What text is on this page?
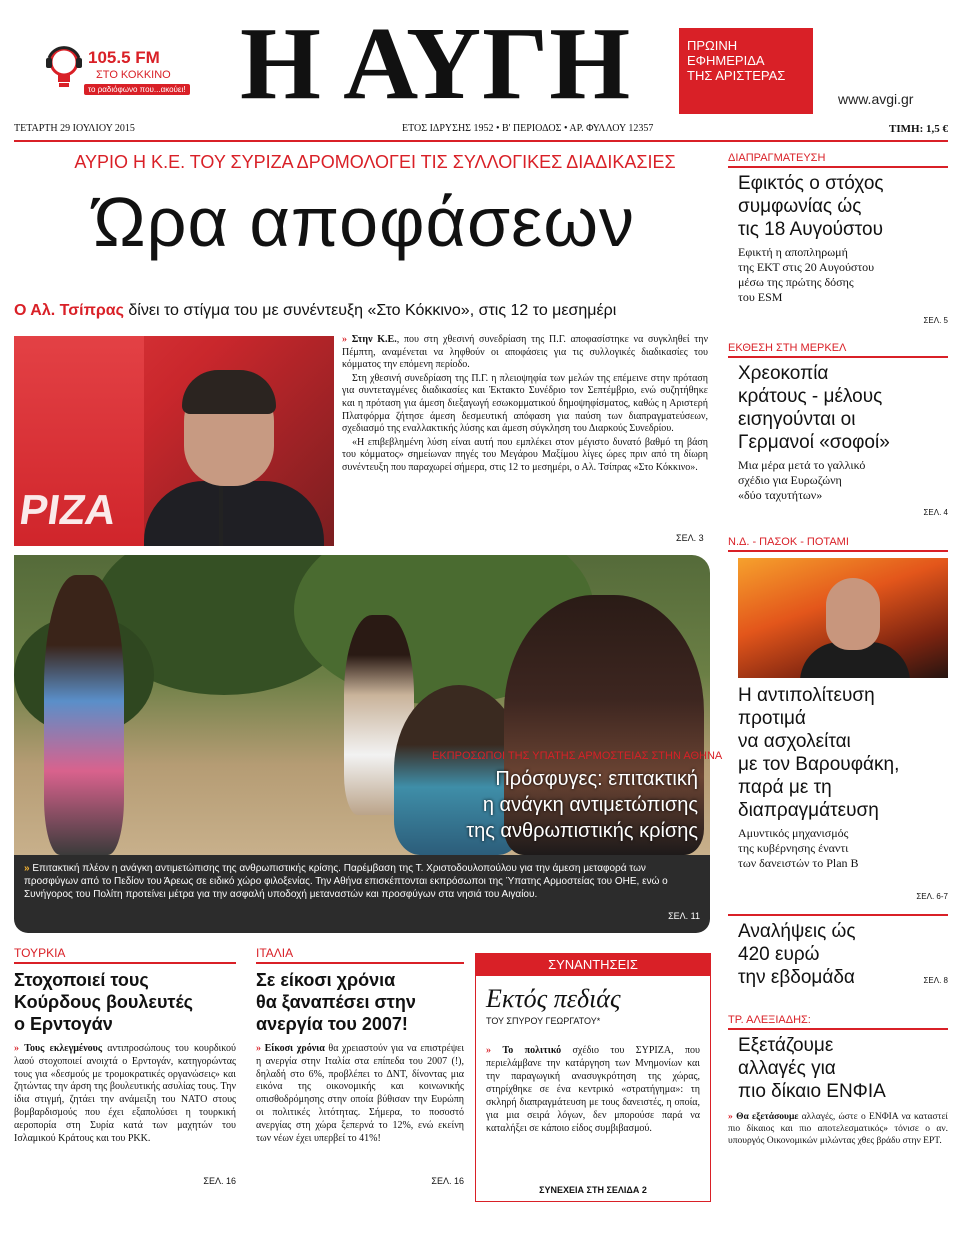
105.5 FM
ΣΤΟ ΚΟΚΚΙΝΟ
το ραδιόφωνο που...ακούει! Η ΑΥΓΗ	ΠΡΩΙΝΗ
ΕΦΗΜΕΡΙΔΑ
ΤΗΣ ΑΡΙΣΤΕΡΑΣ
www.avgi.gr
ΤΕΤΑΡΤΗ 29 ΙΟΥΛΙΟΥ 2015	ΕΤΟΣ ΙΔΡΥΣΗΣ 1952 • Β' ΠΕΡΙΟΔΟΣ • ΑΡ. ΦΥΛΛΟΥ 12357	ΤΙΜΗ: 1,5 €
ΑΥΡΙΟ Η Κ.Ε. ΤΟΥ ΣΥΡΙΖΑ ΔΡΟΜΟΛΟΓΕΙ ΤΙΣ ΣΥΛΛΟΓΙΚΕΣ ΔΙΑΔΙΚΑΣΙΕΣ
Ώρα αποφάσεων
Ο Αλ. Τσίπρας δίνει το στίγμα του με συνέντευξη «Στο Κόκκινο», στις 12 το μεσημέρι
ΡΙΖΑ

» Στην Κ.Ε., που στη χθεσινή συνεδρίαση της Π.Γ. αποφασίστηκε να συγκληθεί την Πέμπτη, αναμένεται να ληφθούν οι αποφάσεις για τις συλλογικές διαδικασίες του κόμματος την επόμενη περίοδο.

Στη χθεσινή συνεδρίαση της Π.Γ. η πλειοψηφία των μελών της επέμεινε στην πρόταση για συντεταγμένες διαδικασίες και Έκτακτο Συνέδριο τον Σεπτέμβριο, ενώ συζητήθηκε και η πρόταση για άμεση διεξαγωγή εσωκομματικού δημοψηφίσματος, καθώς η Αριστερή Πλατφόρμα ζήτησε άμεση δεσμευτική απόφαση για παύση των διαπραγματεύσεων, σχεδιασμό της εναλλακτικής λύσης και άμεση σύγκληση του Διαρκούς Συνεδρίου.

«Η επιβεβλημένη λύση είναι αυτή που εμπλέκει στον μέγιστο δυνατό βαθμό τη βάση του κόμματος» σημείωναν πηγές του Μεγάρου Μαξίμου λίγες ώρες πριν από τη δίωρη συνέντευξη που παραχωρεί σήμερα, στις 12 το μεσημέρι, ο Αλ. Τσίπρας «Στο Κόκκινο».

ΣΕΛ. 3
ΕΚΠΡΟΣΩΠΟΙ ΤΗΣ ΥΠΑΤΗΣ ΑΡΜΟΣΤΕΙΑΣ ΣΤΗΝ ΑΘΗΝΑ
Πρόσφυγες: επιτακτική
η ανάγκη αντιμετώπισης
της ανθρωπιστικής κρίσης
» Επιτακτική πλέον η ανάγκη αντιμετώπισης της ανθρωπιστικής κρίσης. Παρέμβαση της Τ. Χριστοδουλοπούλου για την άμεση μεταφορά των προσφύγων από το Πεδίον του Άρεως σε ειδικό χώρο φιλοξενίας. Την Αθήνα επισκέπτονται εκπρόσωποι της Ύπατης Αρμοστείας του ΟΗΕ, ενώ ο Συνήγορος του Πολίτη προτείνει μέτρα για την ασφαλή υποδοχή μεταναστών και προσφύγων στα νησιά του Αιγαίου.
ΣΕΛ. 11
ΤΟΥΡΚΙΑ
Στοχοποιεί τους
Κούρδους βουλευτές
ο Ερντογάν
» Τους εκλεγμένους αντιπροσώπους του κουρδικού λαού στοχοποιεί ανοιχτά ο Ερντογάν, κατηγορώντας τους για «δεσμούς με τρομοκρατικές οργανώσεις» και ζητώντας την άρση της βουλευτικής ασυλίας τους. Την ίδια στιγμή, ζητάει την ανάμειξη του ΝΑΤΟ στους βομβαρδισμούς που έχει εξαπολύσει η τουρκική αεροπορία στη Συρία κατά των μαχητών του Ισλαμικού Κράτους και του ΡΚΚ.
ΣΕΛ. 16
ΙΤΑΛΙΑ
Σε είκοσι χρόνια
θα ξαναπέσει στην
ανεργία του 2007!
» Είκοσι χρόνια θα χρειαστούν για να επιστρέψει η ανεργία στην Ιταλία στα επίπεδα του 2007 (!), δηλαδή στο 6%, προβλέπει το ΔΝΤ, δίνοντας μια εικόνα της οικονομικής και κοινωνικής οπισθοδρόμησης στην οποία βύθισαν την Ευρώπη οι πολιτικές λιτότητας. Σήμερα, το ποσοστό ανεργίας στη χώρα ξεπερνά το 12%, ενώ εκείνη των νέων έχει υπερβεί το 41%!
ΣΕΛ. 16
ΣΥΝΑΝΤΗΣΕΙΣ
Εκτός πεδιάς
ΤΟΥ ΣΠΥΡΟΥ ΓΕΩΡΓΑΤΟΥ*
» Το πολιτικό σχέδιο του ΣΥΡΙΖΑ, που περιελάμβανε την κατάργηση των Μνημονίων και την παραγωγική ανασυγκρότηση της χώρας, στηρίχθηκε σε ένα κεντρικό «στρατήγημα»: τη σκληρή διαπραγμάτευση με τους δανειστές, η οποία, για μια σειρά λόγων, δεν μπορούσε παρά να καταλήξει σε κάποιο είδος συμβιβασμού.
ΣΥΝΕΧΕΙΑ ΣΤΗ ΣΕΛΙΔΑ 2
ΔΙΑΠΡΑΓΜΑΤΕΥΣΗ
Εφικτός ο στόχος
συμφωνίας ώς
τις 18 Αυγούστου
Εφικτή η αποπληρωμή
της ΕΚΤ στις 20 Αυγούστου
μέσω της πρώτης δόσης
του ESM
ΣΕΛ. 5
ΕΚΘΕΣΗ ΣΤΗ ΜΕΡΚΕΛ
Χρεοκοπία
κράτους - μέλους
εισηγούνται οι
Γερμανοί «σοφοί»
Μια μέρα μετά το γαλλικό
σχέδιο για Ευρωζώνη
«δύο ταχυτήτων»
ΣΕΛ. 4
Ν.Δ. - ΠΑΣΟΚ - ΠΟΤΑΜΙ
Η αντιπολίτευση
προτιμά
να ασχολείται
με τον Βαρουφάκη,
παρά με τη
διαπραγμάτευση
Αμυντικός μηχανισμός
της κυβέρνησης έναντι
των δανειστών το Plan B
ΣΕΛ. 6-7
Αναλήψεις ώς
420 ευρώ
την εβδομάδα	ΣΕΛ. 8
ΤΡ. ΑΛΕΞΙΑΔΗΣ:
Εξετάζουμε
αλλαγές για
πιο δίκαιο ΕΝΦΙΑ
» Θα εξετάσουμε αλλαγές, ώστε ο ΕΝΦΙΑ να καταστεί πιο δίκαιος και πιο αποτελεσματικός» τόνισε ο αν. υπουργός Οικονομικών μιλώντας χθες βράδυ στην ΕΡΤ.
